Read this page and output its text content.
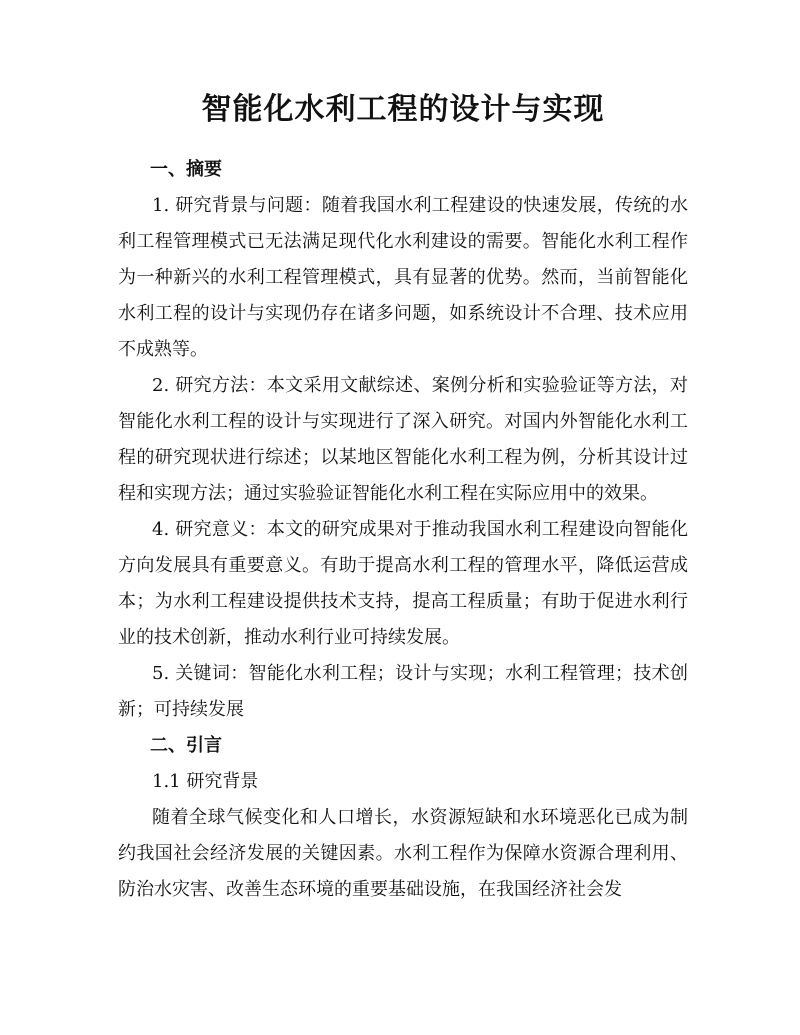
智能化水利工程的设计与实现
一、摘要

1. 研究背景与问题：随着我国水利工程建设的快速发展，传统的水利工程管理模式已无法满足现代化水利建设的需要。智能化水利工程作为一种新兴的水利工程管理模式，具有显著的优势。然而，当前智能化水利工程的设计与实现仍存在诸多问题，如系统设计不合理、技术应用不成熟等。

2. 研究方法：本文采用文献综述、案例分析和实验验证等方法，对智能化水利工程的设计与实现进行了深入研究。对国内外智能化水利工程的研究现状进行综述；以某地区智能化水利工程为例，分析其设计过程和实现方法；通过实验验证智能化水利工程在实际应用中的效果。

4. 研究意义：本文的研究成果对于推动我国水利工程建设向智能化方向发展具有重要意义。有助于提高水利工程的管理水平，降低运营成本；为水利工程建设提供技术支持，提高工程质量；有助于促进水利行业的技术创新，推动水利行业可持续发展。

5. 关键词：智能化水利工程；设计与实现；水利工程管理；技术创新；可持续发展

二、引言

1.1 研究背景

随着全球气候变化和人口增长，水资源短缺和水环境恶化已成为制约我国社会经济发展的关键因素。水利工程作为保障水资源合理利用、防治水灾害、改善生态环境的重要基础设施，在我国经济社会发
